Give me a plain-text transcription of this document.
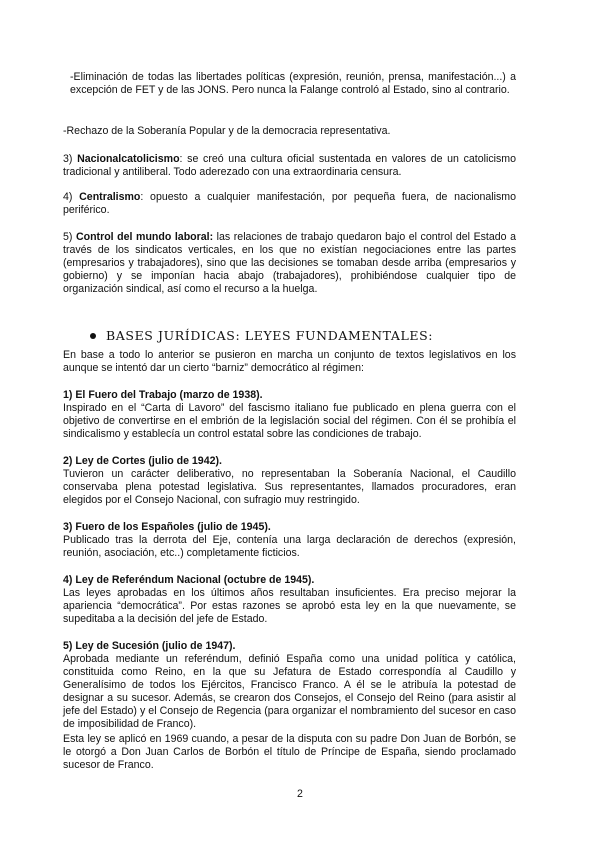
-Eliminación de todas las libertades políticas (expresión, reunión, prensa, manifestación...) a excepción de FET y de las JONS. Pero nunca la Falange controló al Estado, sino al contrario.

-Rechazo de la Soberanía Popular y de la democracia representativa.

3) Nacionalcatolicismo: se creó una cultura oficial sustentada en valores de un catolicismo tradicional y antiliberal. Todo aderezado con una extraordinaria censura.

4) Centralismo: opuesto a cualquier manifestación, por pequeña fuera, de nacionalismo periférico.

5) Control del mundo laboral: las relaciones de trabajo quedaron bajo el control del Estado a través de los sindicatos verticales, en los que no existían negociaciones entre las partes (empresarios y trabajadores), sino que las decisiones se tomaban desde arriba (empresarios y gobierno) y se imponían hacia abajo (trabajadores), prohibiéndose cualquier tipo de organización sindical, así como el recurso a la huelga.

BASES JURÍDICAS: LEYES FUNDAMENTALES:

En base a todo lo anterior se pusieron en marcha un conjunto de textos legislativos en los aunque se intentó dar un cierto “barniz” democrático al régimen:

1) El Fuero del Trabajo (marzo de 1938).

Inspirado en el “Carta di Lavoro” del fascismo italiano fue publicado en plena guerra con el objetivo de convertirse en el embrión de la legislación social del régimen. Con él se prohibía el sindicalismo y establecía un control estatal sobre las condiciones de trabajo.

2) Ley de Cortes (julio de 1942).

Tuvieron un carácter deliberativo, no representaban la Soberanía Nacional, el Caudillo conservaba plena potestad legislativa. Sus representantes, llamados procuradores, eran elegidos por el Consejo Nacional, con sufragio muy restringido.

3) Fuero de los Españoles (julio de 1945).

Publicado tras la derrota del Eje, contenía una larga declaración de derechos (expresión, reunión, asociación, etc..) completamente ficticios.

4) Ley de Referéndum Nacional (octubre de 1945).

Las leyes aprobadas en los últimos años resultaban insuficientes. Era preciso mejorar la apariencia “democrática”. Por estas razones se aprobó esta ley en la que nuevamente, se supeditaba a la decisión del jefe de Estado.

5) Ley de Sucesión (julio de 1947).

Aprobada mediante un referéndum, definió España como una unidad política y católica, constituida como Reino, en la que su Jefatura de Estado correspondía al Caudillo y Generalísimo de todos los Ejércitos, Francisco Franco. A él se le atribuía la potestad de designar a su sucesor. Además, se crearon dos Consejos, el Consejo del Reino (para asistir al jefe del Estado) y el Consejo de Regencia (para organizar el nombramiento del sucesor en caso de imposibilidad de Franco).

Esta ley se aplicó en 1969 cuando, a pesar de la disputa con su padre Don Juan de Borbón, se le otorgó a Don Juan Carlos de Borbón el título de Príncipe de España, siendo proclamado sucesor de Franco.

2
